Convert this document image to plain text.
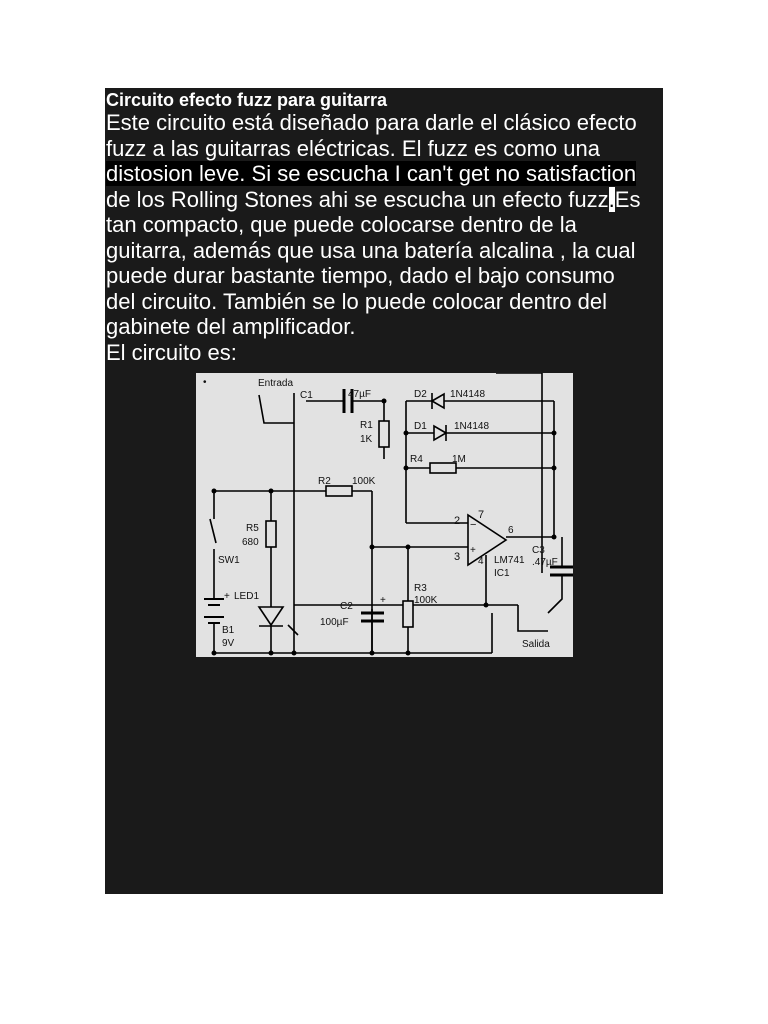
Circuito efecto fuzz para guitarra

Este circuito está diseñado para darle el clásico efecto
fuzz a las guitarras eléctricas. El fuzz es como una
distosion leve. Si se escucha I can't get no satisfaction
de los Rolling Stones ahi se escucha un efecto fuzz.Es
tan compacto, que puede colocarse dentro de la
guitarra, además que usa una batería alcalina , la cual
puede durar bastante tiempo, dado el bajo consumo
del circuito. También se lo puede colocar dentro del
gabinete del amplificador.

El circuito es:

•	Entrada
C1	47µF	D2 1N4148
D1	1N4148
R1
1K
R4	1M
R2 100K
R5
680
SW1
+ LED1
B1
9V
C2
100µF
+
R3
100K
2
3
7
4
6
−
+
LM741
IC1
C3
.47µF
Salida
